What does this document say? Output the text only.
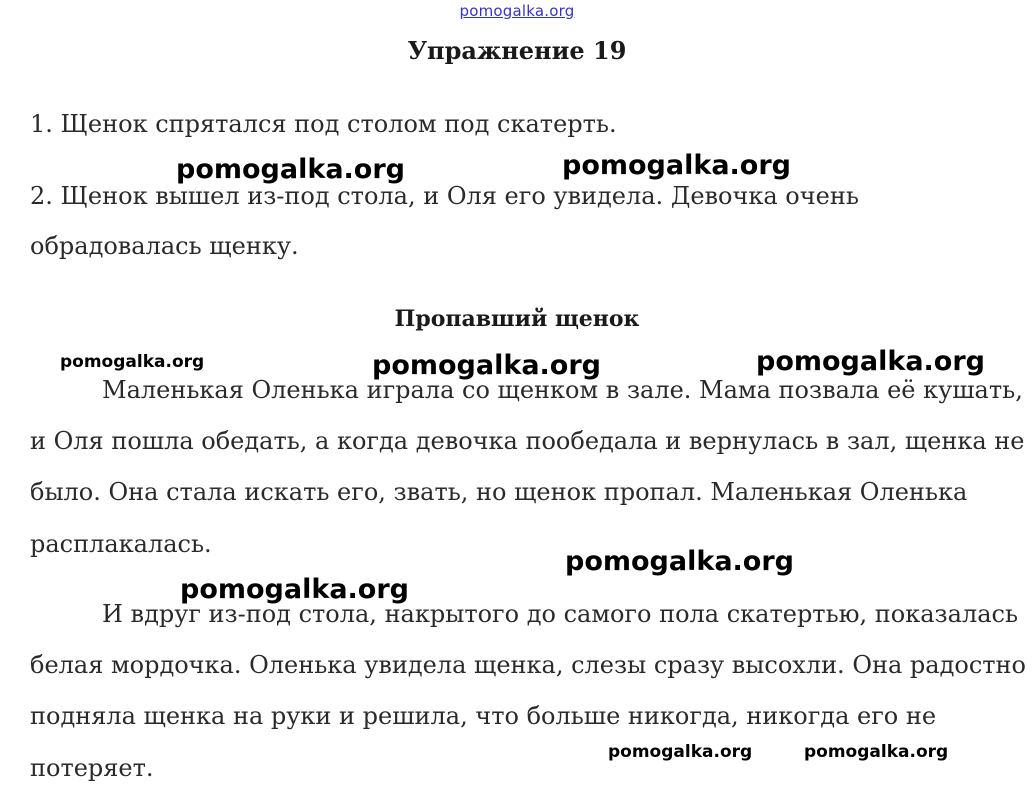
pomogalka.org
Упражнение 19
1. Щенок спрятался под столом под скатерть.
2. Щенок вышел из-под стола, и Оля его увидела. Девочка очень
обрадовалась щенку.
Пропавший щенок
Маленькая Оленька играла со щенком в зале. Мама позвала её кушать,
и Оля пошла обедать, а когда девочка пообедала и вернулась в зал, щенка не
было. Она стала искать его, звать, но щенок пропал. Маленькая Оленька
расплакалась.
И вдруг из-под стола, накрытого до самого пола скатертью, показалась
белая мордочка. Оленька увидела щенка, слезы сразу высохли. Она радостно
подняла щенка на руки и решила, что больше никогда, никогда его не
потеряет.
pomogalka.org	pomogalka.org
pomogalka.org	pomogalka.org	pomogalka.org
pomogalka.org
pomogalka.org
pomogalka.org	pomogalka.org
